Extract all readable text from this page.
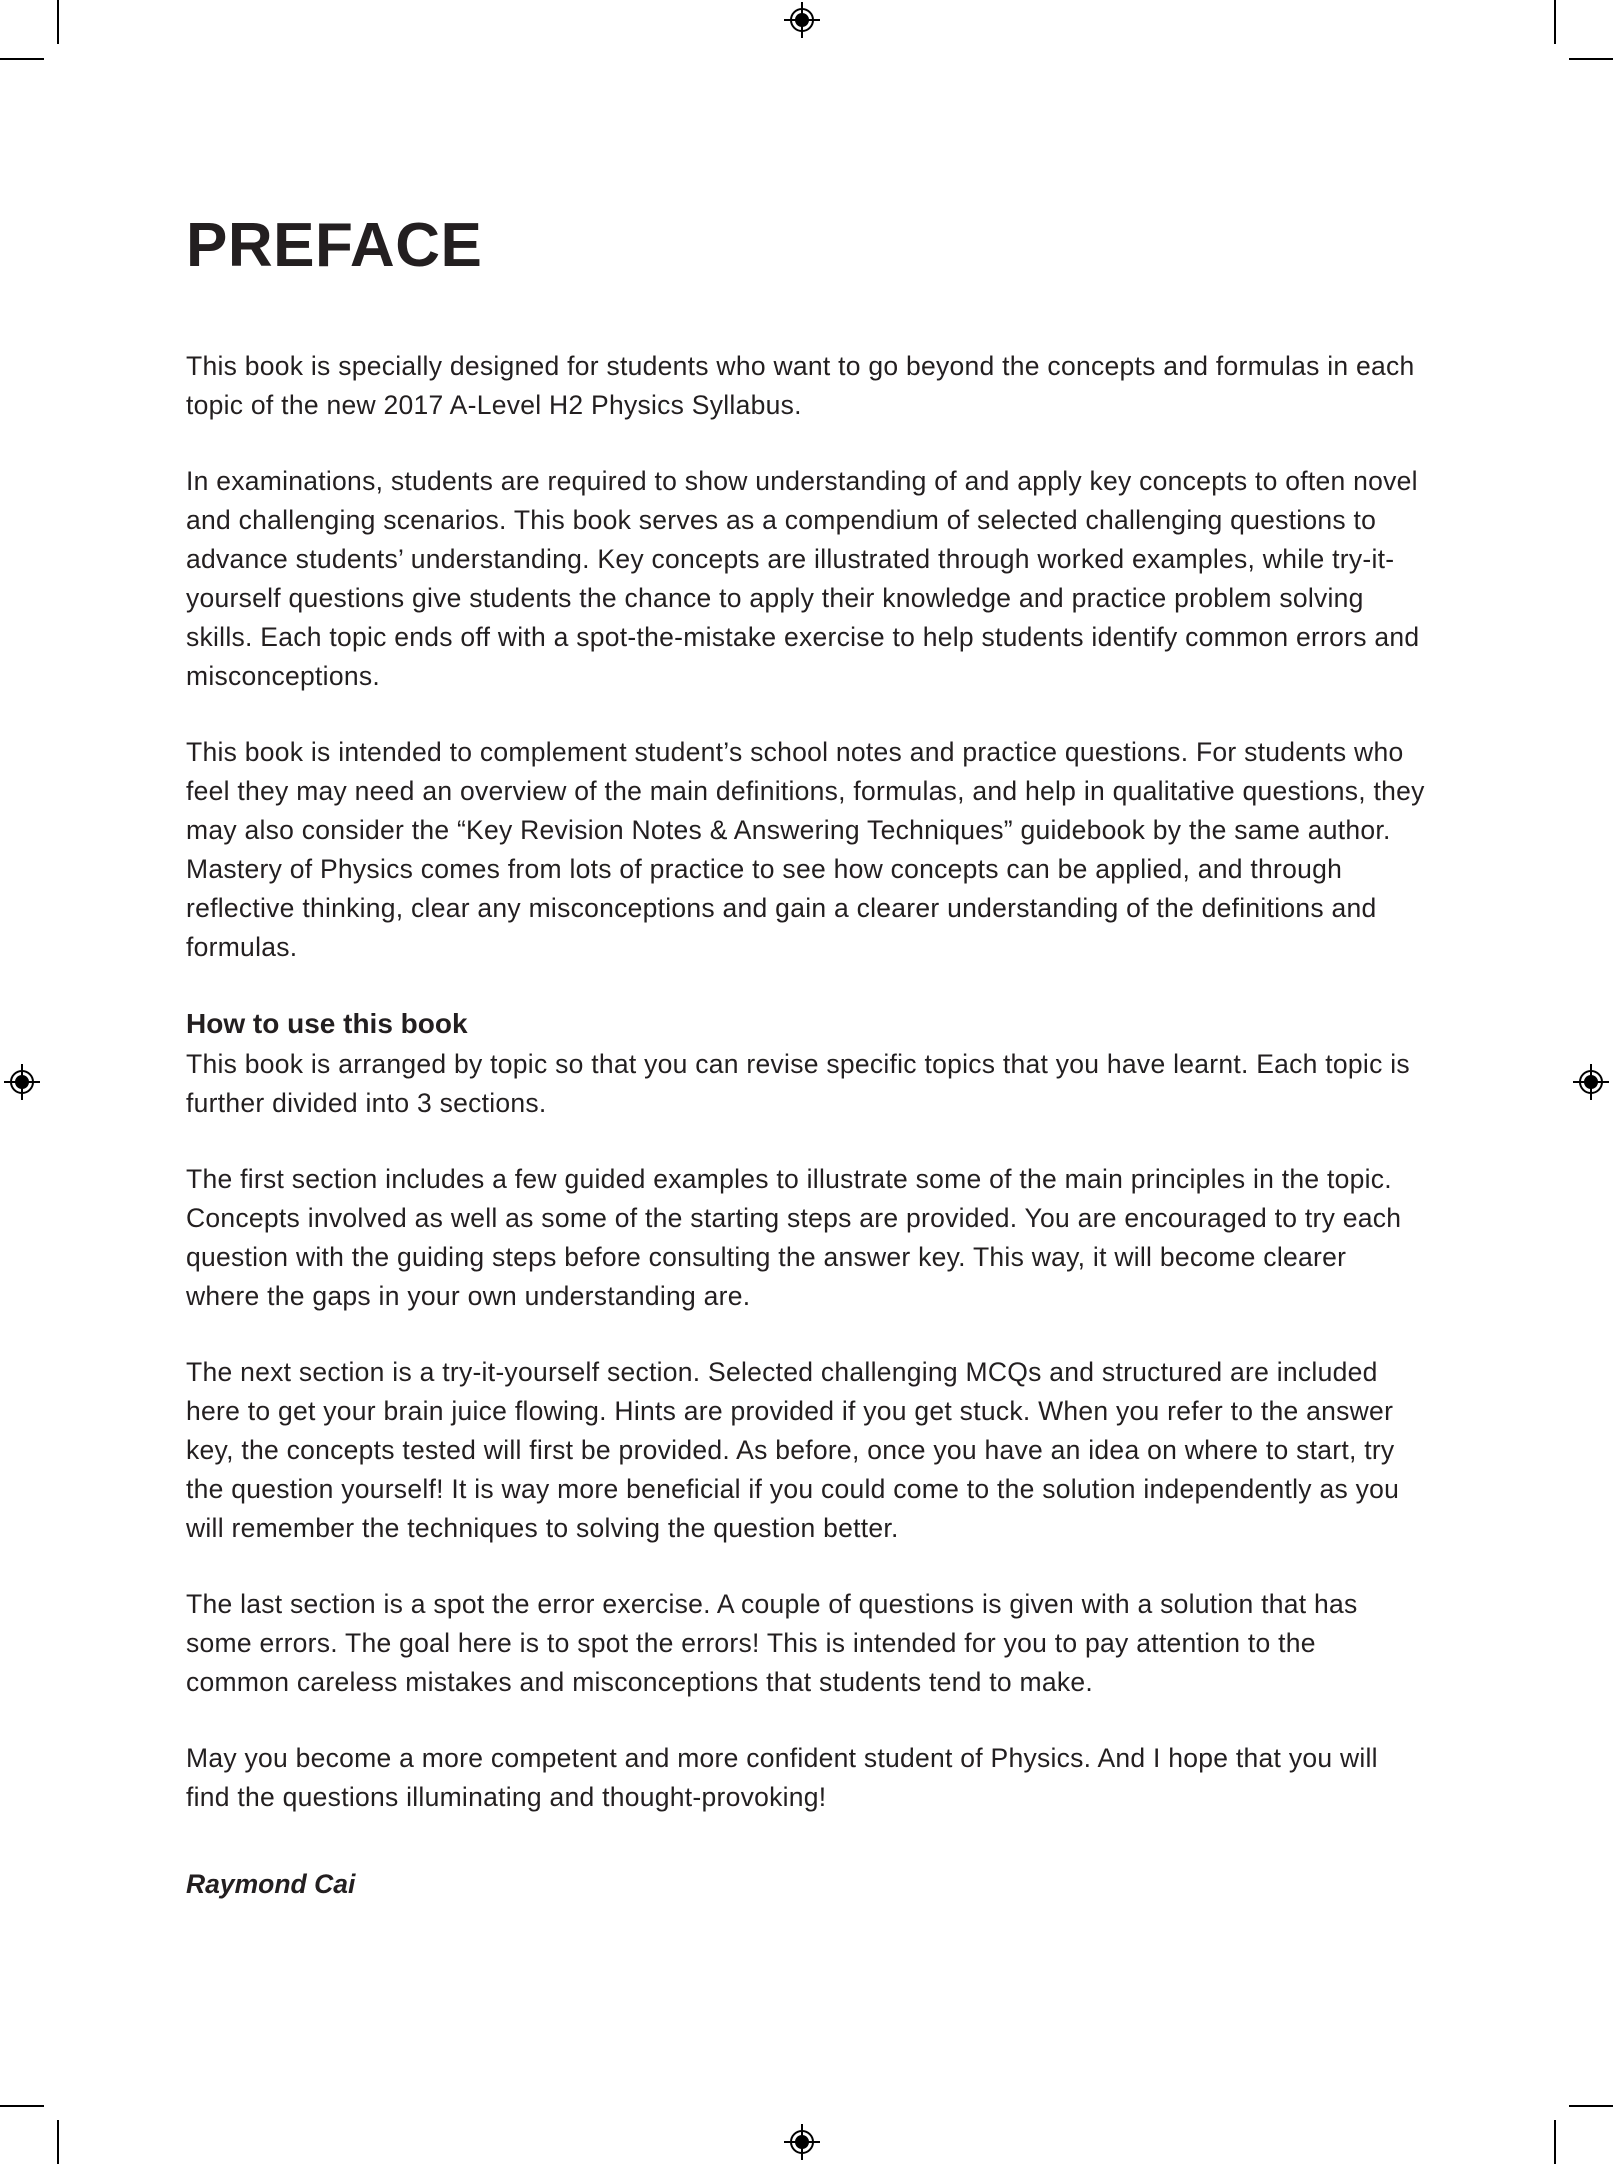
PREFACE

This book is specially designed for students who want to go beyond the concepts and formulas in each topic of the new 2017 A-Level H2 Physics Syllabus.

In examinations, students are required to show understanding of and apply key concepts to often novel and challenging scenarios. This book serves as a compendium of selected challenging questions to advance students’ understanding. Key concepts are illustrated through worked examples, while try-it-yourself questions give students the chance to apply their knowledge and practice problem solving skills. Each topic ends off with a spot-the-mistake exercise to help students identify common errors and misconceptions.

This book is intended to complement student’s school notes and practice questions. For students who feel they may need an overview of the main definitions, formulas, and help in qualitative questions, they may also consider the “Key Revision Notes & Answering Techniques” guidebook by the same author. Mastery of Physics comes from lots of practice to see how concepts can be applied, and through reflective thinking, clear any misconceptions and gain a clearer understanding of the definitions and formulas.

How to use this book

This book is arranged by topic so that you can revise specific topics that you have learnt. Each topic is further divided into 3 sections.

The first section includes a few guided examples to illustrate some of the main principles in the topic. Concepts involved as well as some of the starting steps are provided. You are encouraged to try each question with the guiding steps before consulting the answer key. This way, it will become clearer where the gaps in your own understanding are.

The next section is a try-it-yourself section. Selected challenging MCQs and structured are included here to get your brain juice flowing. Hints are provided if you get stuck. When you refer to the answer key, the concepts tested will first be provided. As before, once you have an idea on where to start, try the question yourself! It is way more beneficial if you could come to the solution independently as you will remember the techniques to solving the question better.

The last section is a spot the error exercise. A couple of questions is given with a solution that has some errors. The goal here is to spot the errors! This is intended for you to pay attention to the common careless mistakes and misconceptions that students tend to make.

May you become a more competent and more confident student of Physics. And I hope that you will find the questions illuminating and thought-provoking!

Raymond Cai
